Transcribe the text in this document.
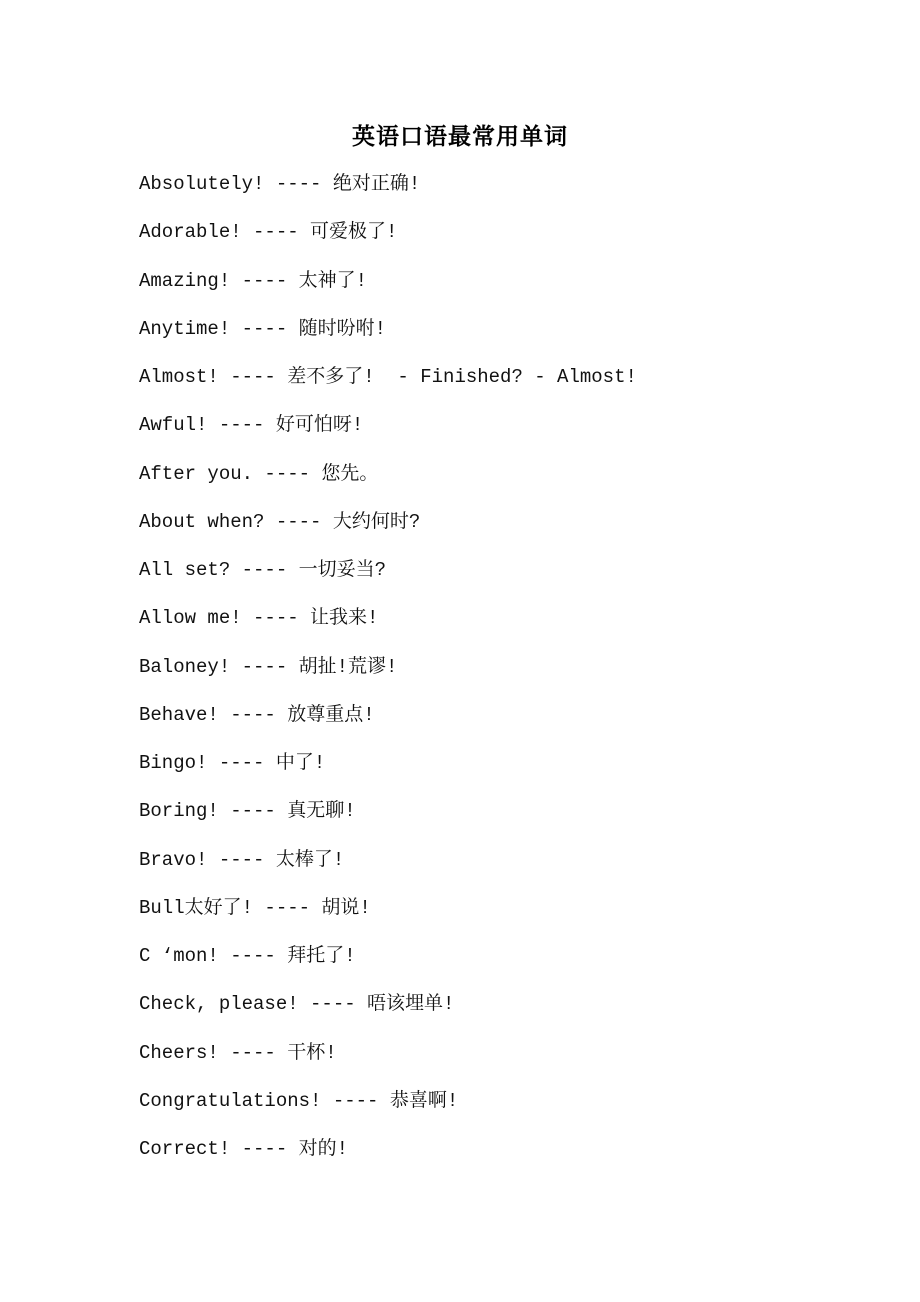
英语口语最常用单词
Absolutely! ---- 绝对正确!
Adorable! ---- 可爱极了!
Amazing! ---- 太神了!
Anytime! ---- 随时吩咐!
Almost! ---- 差不多了!  - Finished? - Almost!
Awful! ---- 好可怕呀!
After you. ---- 您先。
About when? ---- 大约何时?
All set? ---- 一切妥当?
Allow me! ---- 让我来!
Baloney! ---- 胡扯!荒谬!
Behave! ---- 放尊重点!
Bingo! ---- 中了!
Boring! ---- 真无聊!
Bravo! ---- 太棒了!
Bull太好了! ---- 胡说!
C ‘mon! ---- 拜托了!
Check, please! ---- 唔该埋单!
Cheers! ---- 干杯!
Congratulations! ---- 恭喜啊!
Correct! ---- 对的!
